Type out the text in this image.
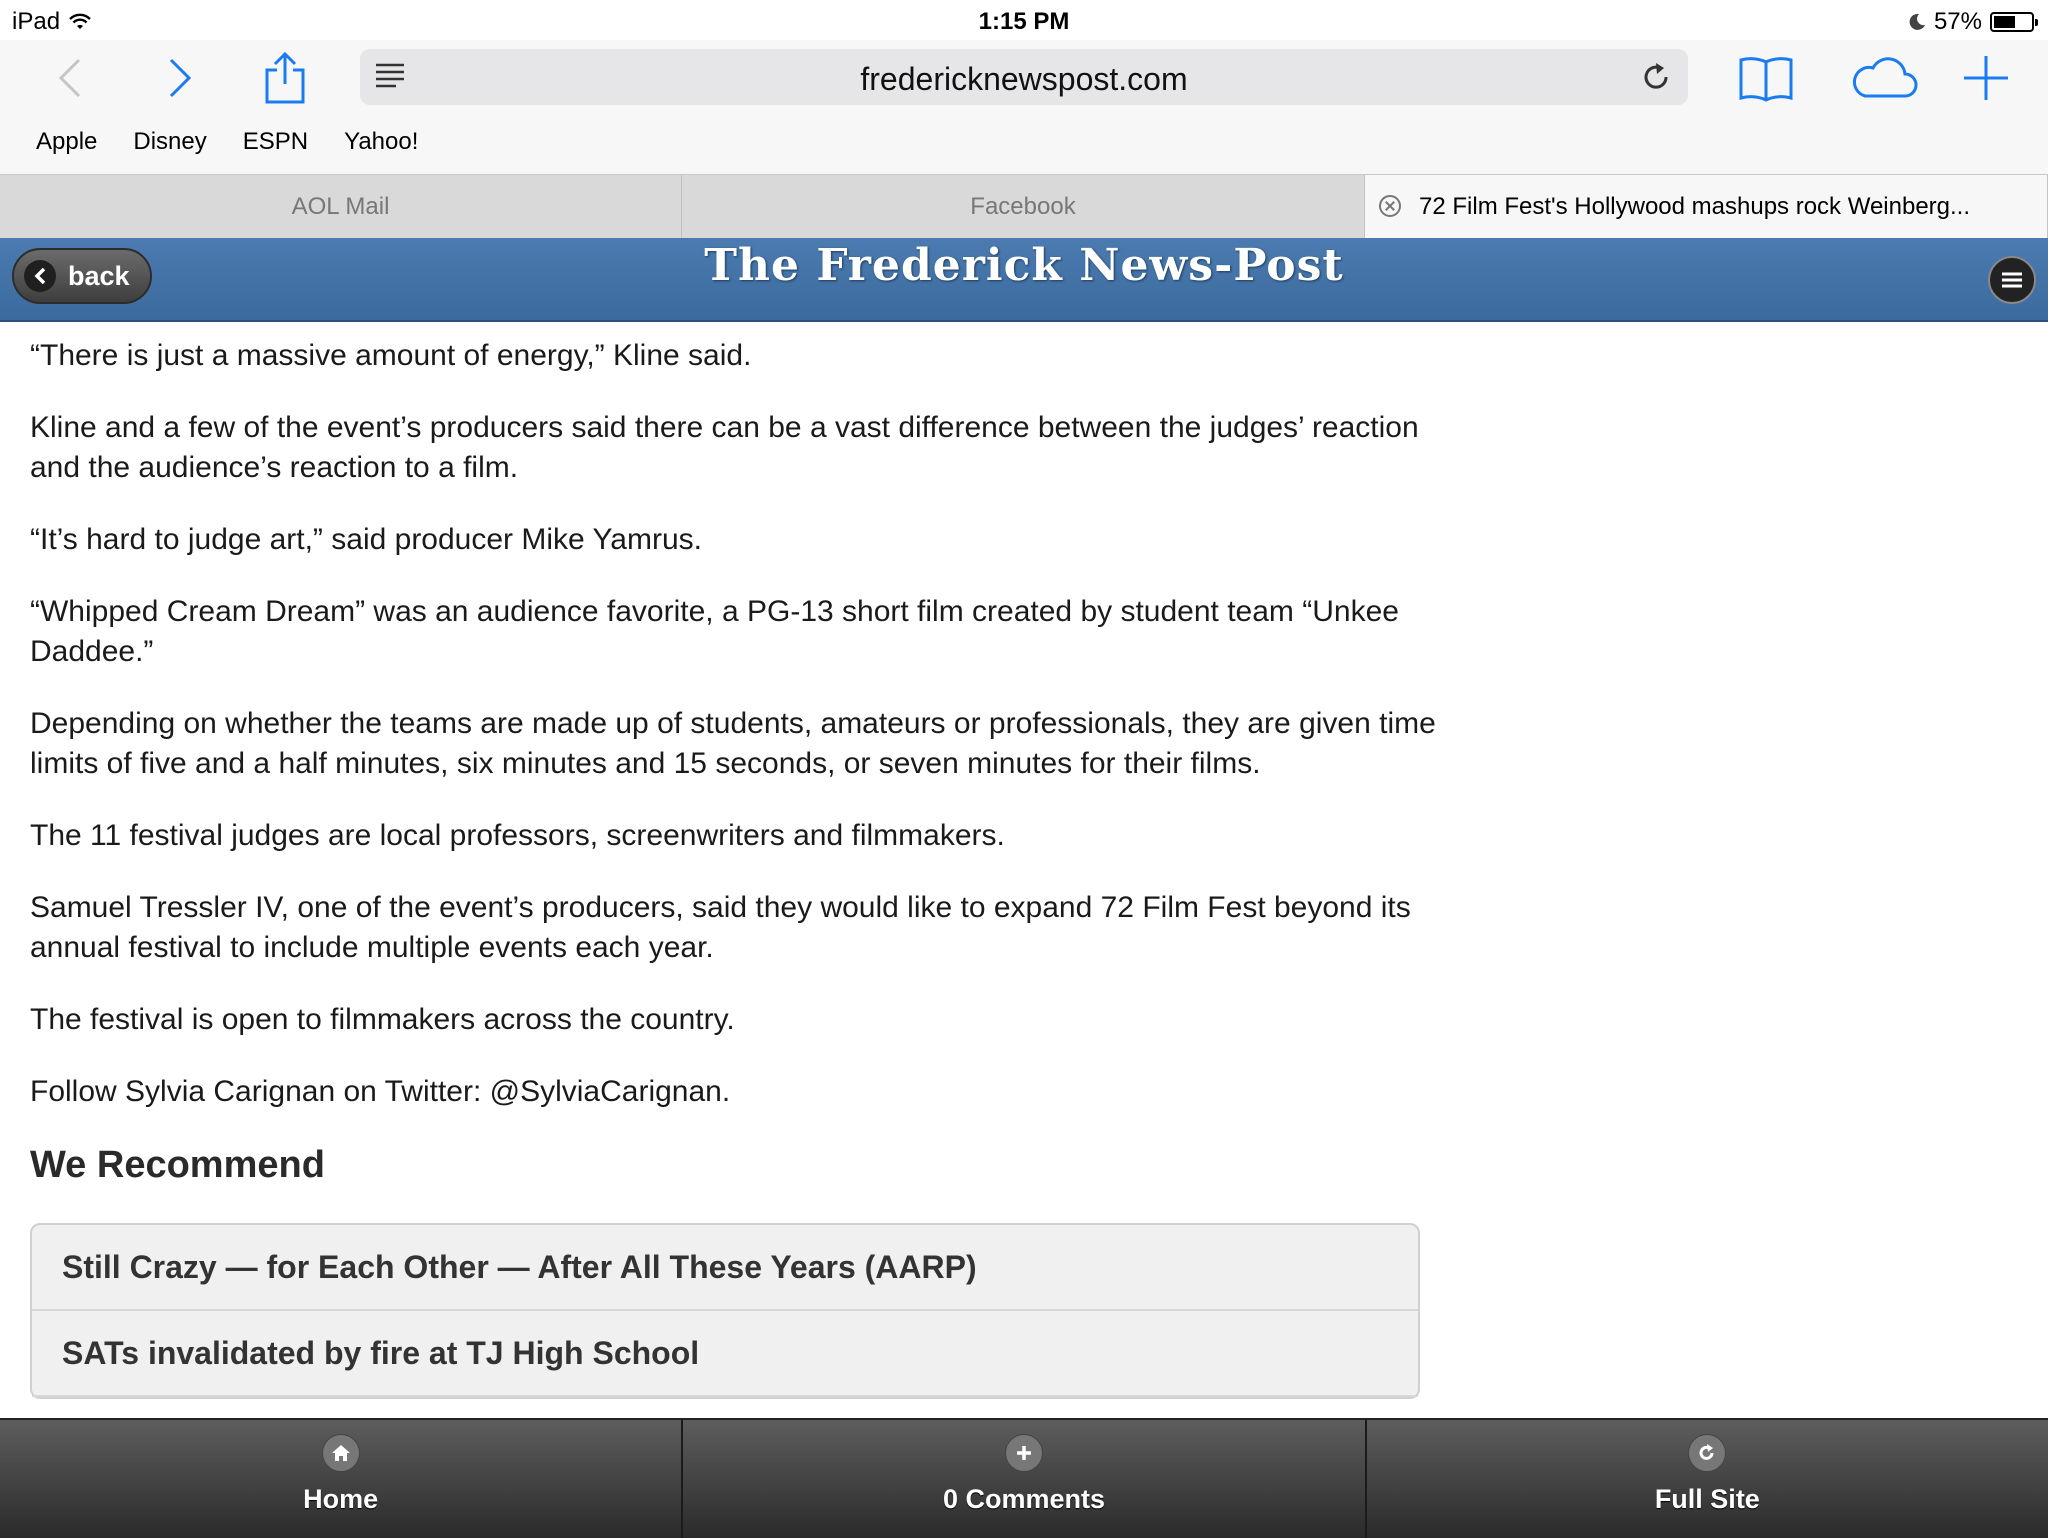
iPad	1:15 PM	57%
fredericknewspost.com
Apple	Disney	ESPN	Yahoo!
AOL Mail	Facebook	72 Film Fest's Hollywood mashups rock Weinberg...
The Frederick News-Post
back

“There is just a massive amount of energy,” Kline said.

Kline and a few of the event’s producers said there can be a vast difference between the judges’ reaction and the audience’s reaction to a film.

“It’s hard to judge art,” said producer Mike Yamrus.

“Whipped Cream Dream” was an audience favorite, a PG-13 short film created by student team “Unkee Daddee.”

Depending on whether the teams are made up of students, amateurs or professionals, they are given time limits of five and a half minutes, six minutes and 15 seconds, or seven minutes for their films.

The 11 festival judges are local professors, screenwriters and filmmakers.

Samuel Tressler IV, one of the event’s producers, said they would like to expand 72 Film Fest beyond its annual festival to include multiple events each year.

The festival is open to filmmakers across the country.

Follow Sylvia Carignan on Twitter: @SylviaCarignan.

We Recommend
Still Crazy — for Each Other — After All These Years (AARP)
SATs invalidated by fire at TJ High School
Home	0 Comments	Full Site
